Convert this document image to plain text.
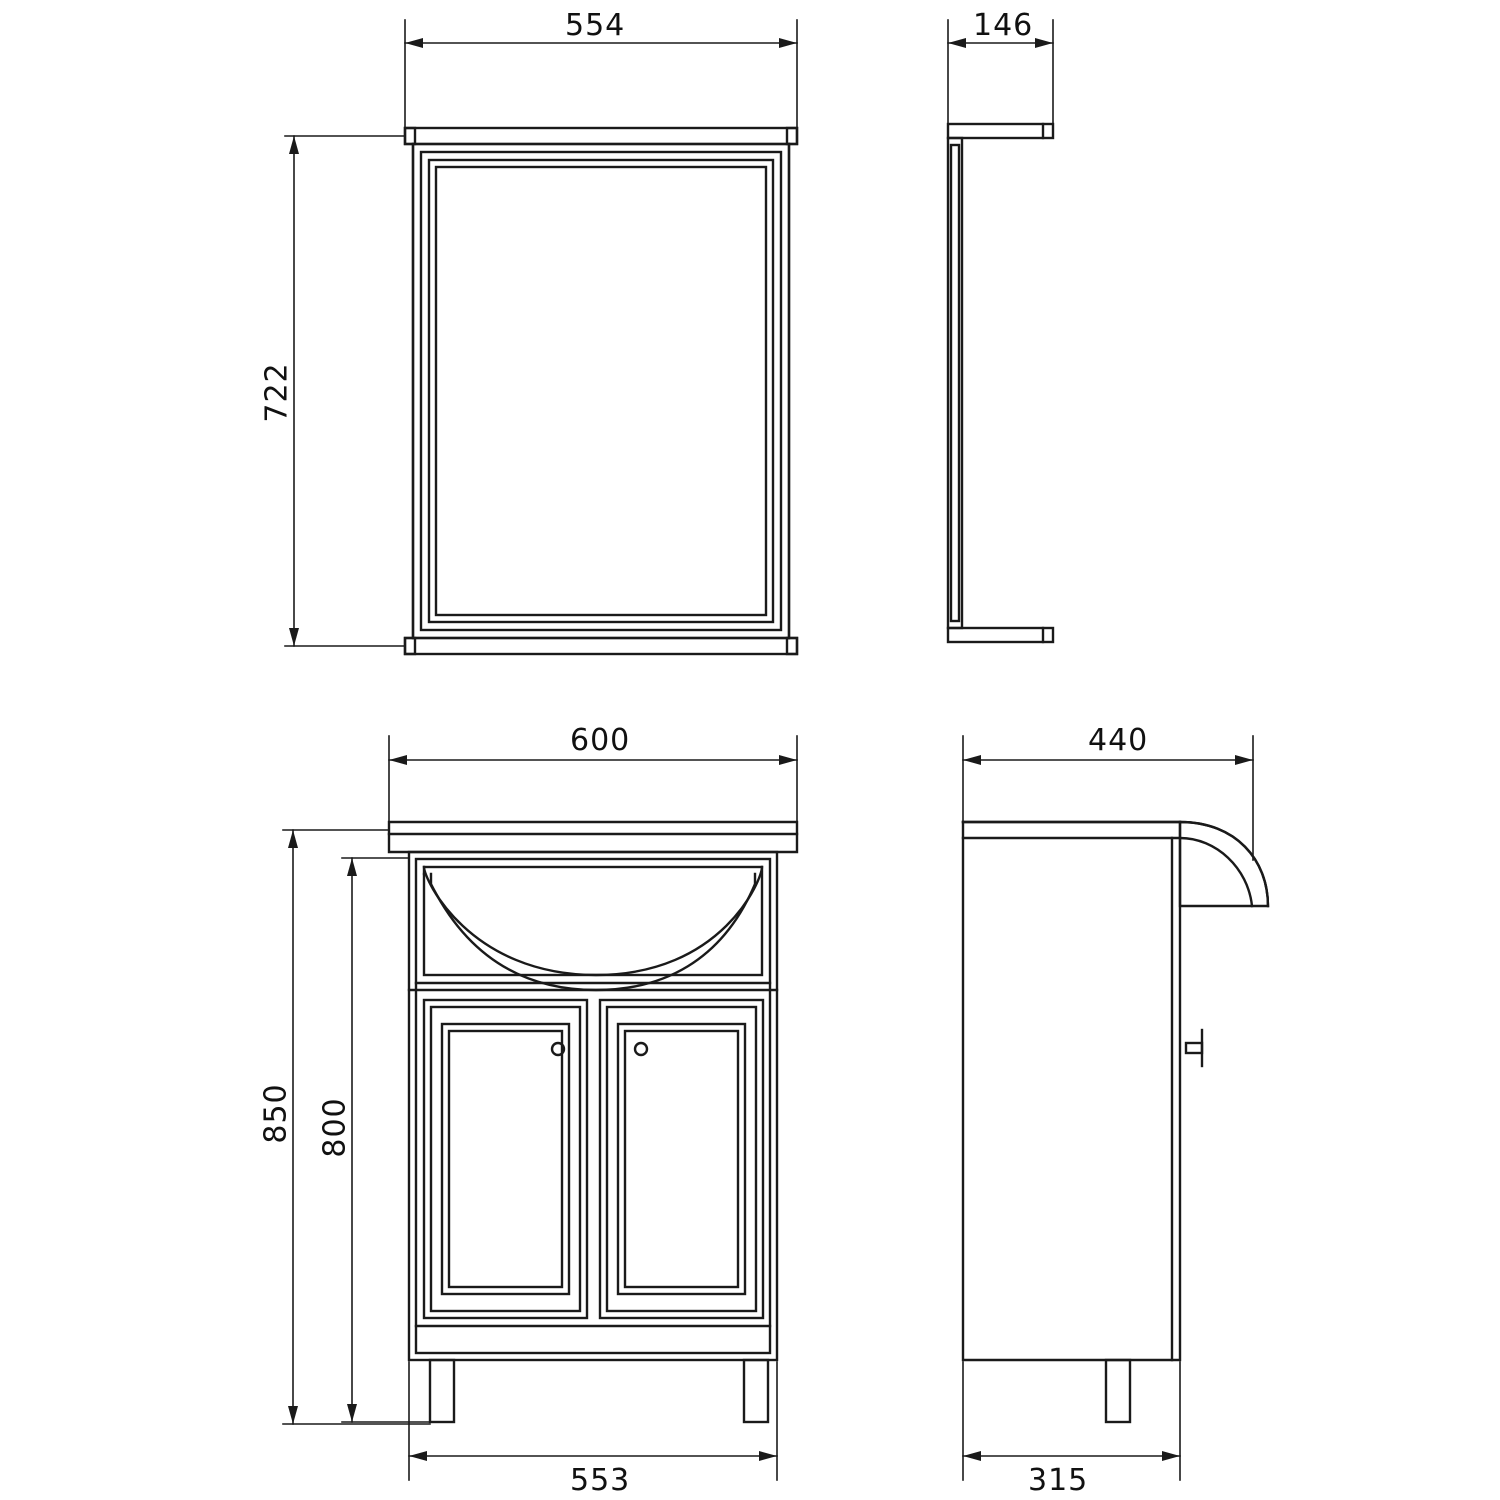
554	146
722
600	440
850 800
553	315
